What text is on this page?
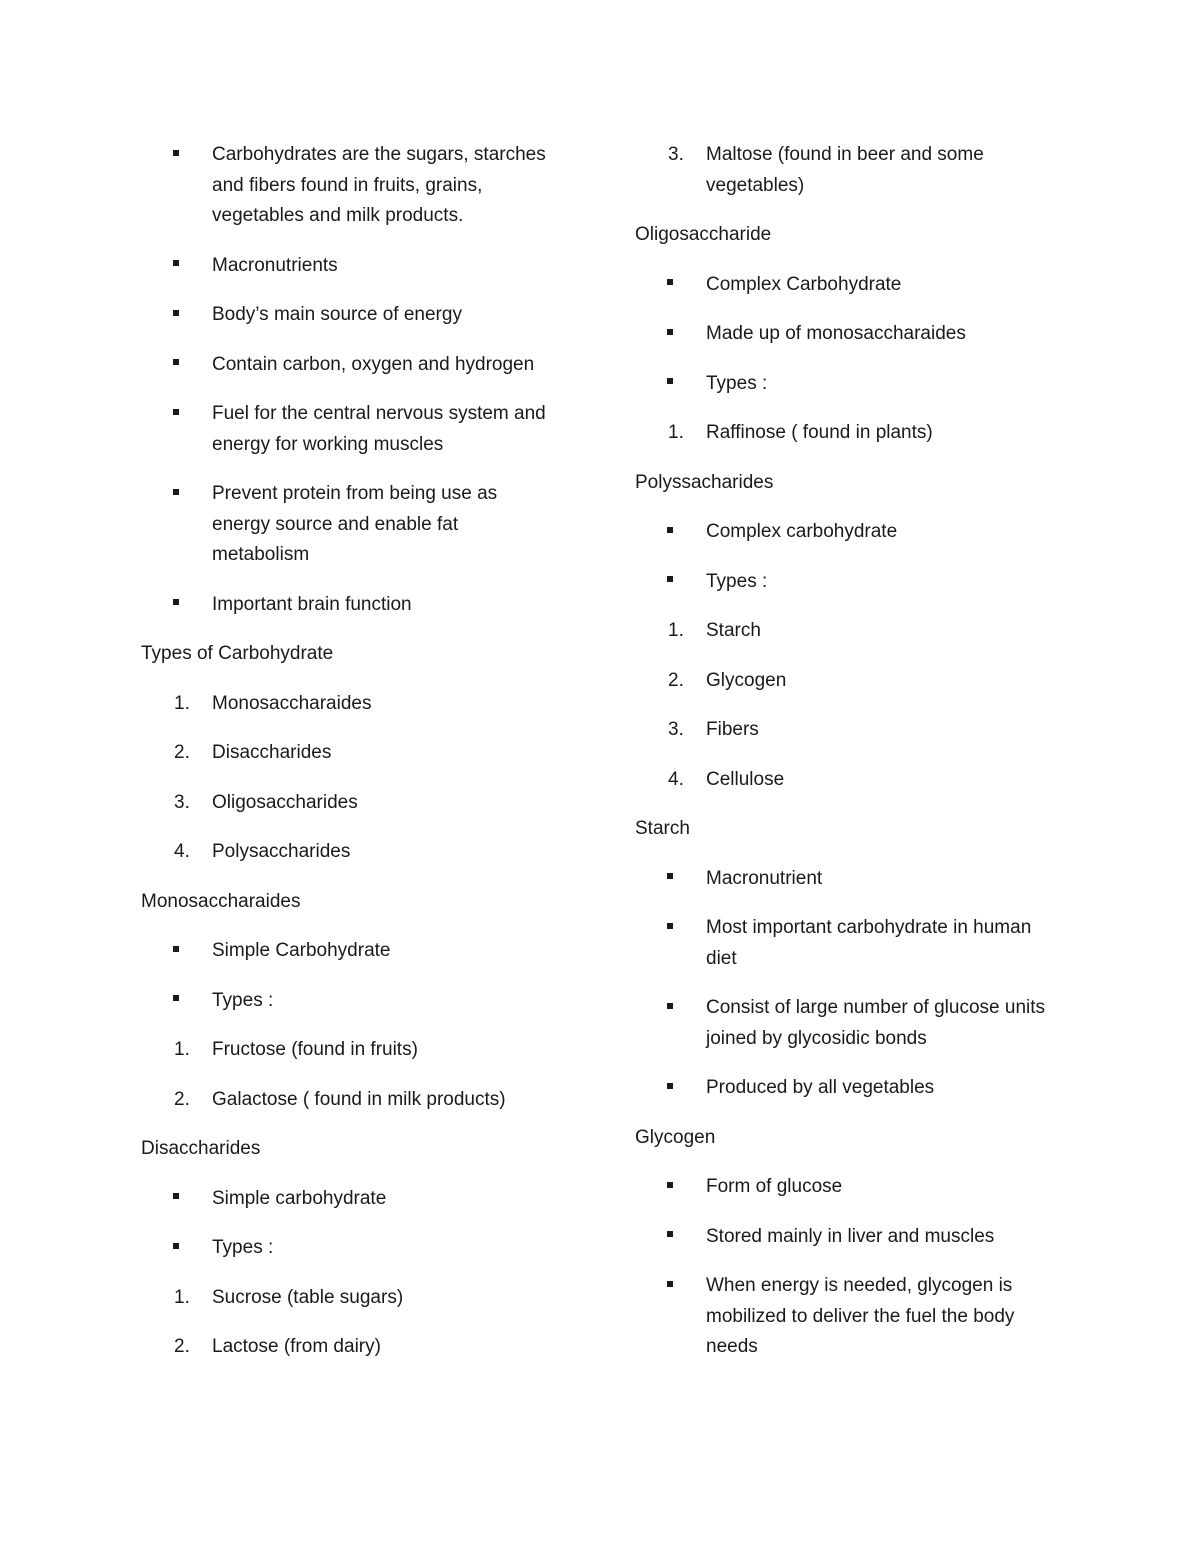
Carbohydrates are the sugars, starches
and fibers found in fruits, grains,
vegetables and milk products.
Macronutrients
Body’s main source of energy
Contain carbon, oxygen and hydrogen
Fuel for the central nervous system and
energy for working muscles
Prevent protein from being use as
energy source and enable fat
metabolism
Important brain function

Types of Carbohydrate

1.	Monosaccharaides
2.	Disaccharides
3.	Oligosaccharides
4.	Polysaccharides

Monosaccharaides

Simple Carbohydrate
Types :
1.	Fructose (found in fruits)
2.	Galactose ( found in milk products)

Disaccharides

Simple carbohydrate
Types :
1.	Sucrose (table sugars)
2.	Lactose (from dairy)
3.	Maltose (found in beer and some
vegetables)

Oligosaccharide

Complex Carbohydrate
Made up of monosaccharaides
Types :
1.	Raffinose ( found in plants)

Polyssacharides

Complex carbohydrate
Types :
1.	Starch
2.	Glycogen
3.	Fibers
4.	Cellulose

Starch

Macronutrient
Most important carbohydrate in human
diet
Consist of large number of glucose units
joined by glycosidic bonds
Produced by all vegetables

Glycogen

Form of glucose
Stored mainly in liver and muscles
When energy is needed, glycogen is
mobilized to deliver the fuel the body
needs
